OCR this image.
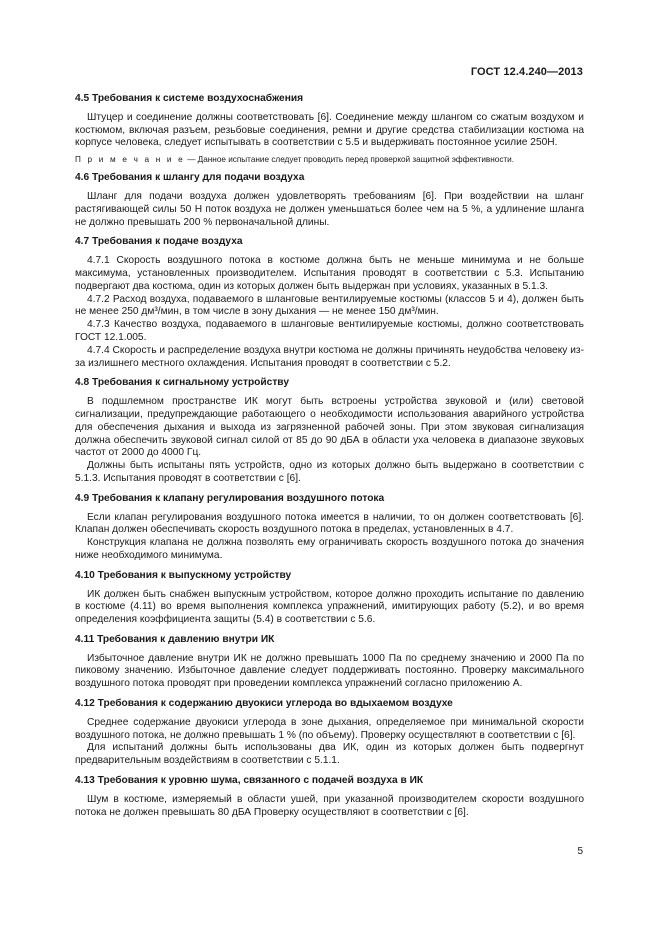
ГОСТ 12.4.240—2013
4.5 Требования к системе воздухоснабжения

Штуцер и соединение должны соответствовать [6]. Соединение между шлангом со сжатым воздухом и костюмом, включая разъем, резьбовые соединения, ремни и другие средства стабилизации костюма на корпусе человека, следует испытывать в соответствии с 5.5 и выдерживать постоянное усилие 250Н.

П р и м е ч а н и е — Данное испытание следует проводить перед проверкой защитной эффективности.

4.6 Требования к шлангу для подачи воздуха

Шланг для подачи воздуха должен удовлетворять требованиям [6]. При воздействии на шланг растягивающей силы 50 Н поток воздуха не должен уменьшаться более чем на 5 %, а удлинение шланга не должно превышать 200 % первоначальной длины.

4.7 Требования к подаче воздуха

4.7.1 Скорость воздушного потока в костюме должна быть не меньше минимума и не больше максимума, установленных производителем. Испытания проводят в соответствии с 5.3. Испытанию подвергают два костюма, один из которых должен быть выдержан при условиях, указанных в 5.1.3.

4.7.2 Расход воздуха, подаваемого в шланговые вентилируемые костюмы (классов 5 и 4), должен быть не менее 250 дм³/мин, в том числе в зону дыхания — не менее 150 дм³/мин.

4.7.3 Качество воздуха, подаваемого в шланговые вентилируемые костюмы, должно соответствовать ГОСТ 12.1.005.

4.7.4 Скорость и распределение воздуха внутри костюма не должны причинять неудобства человеку из-за излишнего местного охлаждения. Испытания проводят в соответствии с 5.2.

4.8 Требования к сигнальному устройству

В подшлемном пространстве ИК могут быть встроены устройства звуковой и (или) световой сигнализации, предупреждающие работающего о необходимости использования аварийного устройства для обеспечения дыхания и выхода из загрязненной рабочей зоны. При этом звуковая сигнализация должна обеспечить звуковой сигнал силой от 85 до 90 дБА в области уха человека в диапазоне звуковых частот от 2000 до 4000 Гц.

Должны быть испытаны пять устройств, одно из которых должно быть выдержано в соответствии с 5.1.3. Испытания проводят в соответствии с [6].

4.9 Требования к клапану регулирования воздушного потока

Если клапан регулирования воздушного потока имеется в наличии, то он должен соответствовать [6]. Клапан должен обеспечивать скорость воздушного потока в пределах, установленных в 4.7.

Конструкция клапана не должна позволять ему ограничивать скорость воздушного потока до значения ниже необходимого минимума.

4.10 Требования к выпускному устройству

ИК должен быть снабжен выпускным устройством, которое должно проходить испытание по давлению в костюме (4.11) во время выполнения комплекса упражнений, имитирующих работу (5.2), и во время определения коэффициента защиты (5.4) в соответствии с 5.6.

4.11 Требования к давлению внутри ИК

Избыточное давление внутри ИК не должно превышать 1000 Па по среднему значению и 2000 Па по пиковому значению. Избыточное давление следует поддерживать постоянно. Проверку максимального воздушного потока проводят при проведении комплекса упражнений согласно приложению А.

4.12 Требования к содержанию двуокиси углерода во вдыхаемом воздухе

Среднее содержание двуокиси углерода в зоне дыхания, определяемое при минимальной скорости воздушного потока, не должно превышать 1 % (по объему). Проверку осуществляют в соответствии с [6].

Для испытаний должны быть использованы два ИК, один из которых должен быть подвергнут предварительным воздействиям в соответствии с 5.1.1.

4.13 Требования к уровню шума, связанного с подачей воздуха в ИК

Шум в костюме, измеряемый в области ушей, при указанной производителем скорости воздушного потока не должен превышать 80 дБА Проверку осуществляют в соответствии с [6].

5
